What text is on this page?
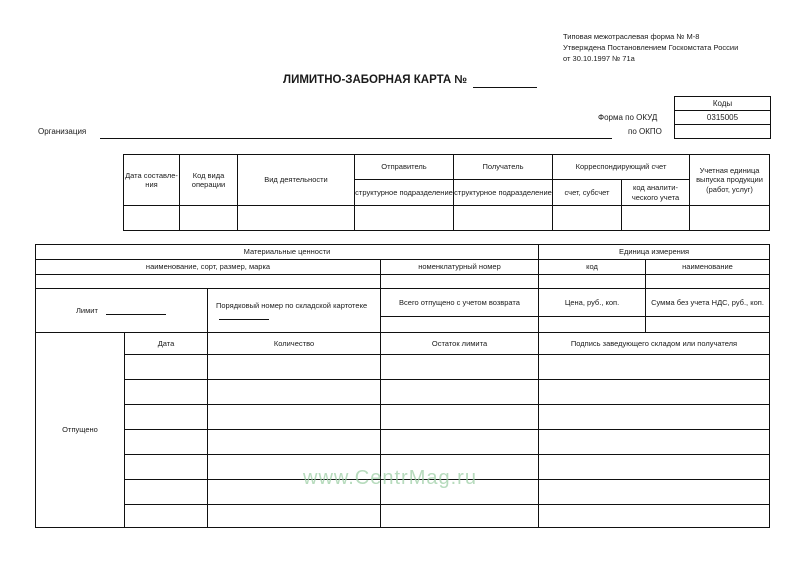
Типовая межотраслевая форма № М-8
Утверждена Постановлением Госкомстата России
от 30.10.1997 № 71а
ЛИМИТНО-ЗАБОРНАЯ КАРТА №
Коды
0315005
Форма по ОКУД
по ОКПО
Организация
Дата составле-ния	Код вида операции	Вид деятельности	Отправитель	Получатель	Корреспондирующий счет		Учетная единица выпуска продукции (работ, услуг)
			структурное подразделение	структурное подразделение	счет, субсчет	код аналити-ческого учета	

Материальные ценности				Единица измерения	
наименование, сорт, размер, марка			номенклатурный номер	код	наименование

Лимит		Порядковый номер по складской картотеке	Всего отпущено с учетом возврата	Цена, руб., коп.	Сумма без учета НДС, руб., коп.

Отпущено	Дата	Количество	Остаток лимита	Подпись заведующего складом или получателя	

www.CentrMag.ru
